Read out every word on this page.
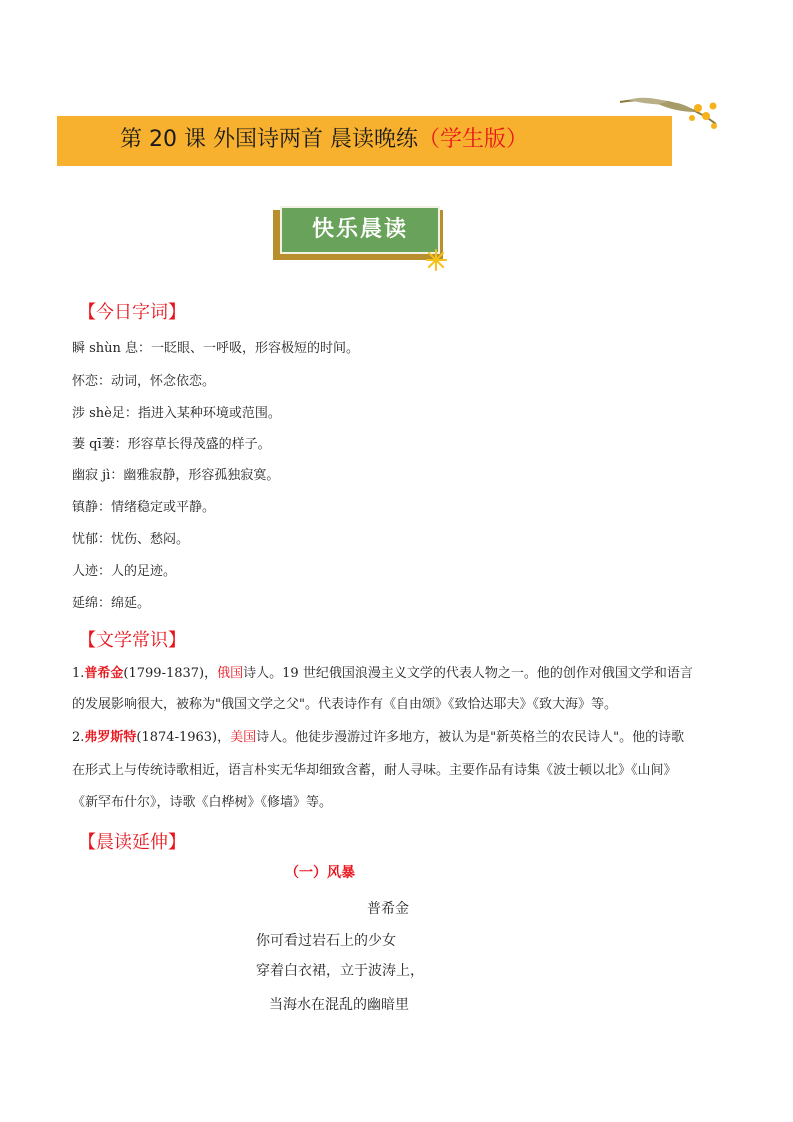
第 20 课 外国诗两首 晨读晚练（学生版）
快乐晨读
【今日字词】
瞬 shùn 息：一眨眼、一呼吸，形容极短的时间。
怀恋：动词，怀念依恋。
涉 shè足：指进入某种环境或范围。
萋 qī萋：形容草长得茂盛的样子。
幽寂 jì：幽雅寂静，形容孤独寂寞。
镇静：情绪稳定或平静。
忧郁：忧伤、愁闷。
人迹：人的足迹。
延绵：绵延。
【文学常识】
1.普希金(1799-1837)，俄国诗人。19 世纪俄国浪漫主义文学的代表人物之一。他的创作对俄国文学和语言
的发展影响很大，被称为"俄国文学之父"。代表诗作有《自由颂》《致恰达耶夫》《致大海》等。
2.弗罗斯特(1874-1963)，美国诗人。他徒步漫游过许多地方，被认为是"新英格兰的农民诗人"。他的诗歌
在形式上与传统诗歌相近，语言朴实无华却细致含蓄，耐人寻味。主要作品有诗集《波士顿以北》《山间》
《新罕布什尔》，诗歌《白桦树》《修墙》等。
【晨读延伸】
（一）风暴
普希金
你可看过岩石上的少女
穿着白衣裙，立于波涛上，
当海水在混乱的幽暗里
